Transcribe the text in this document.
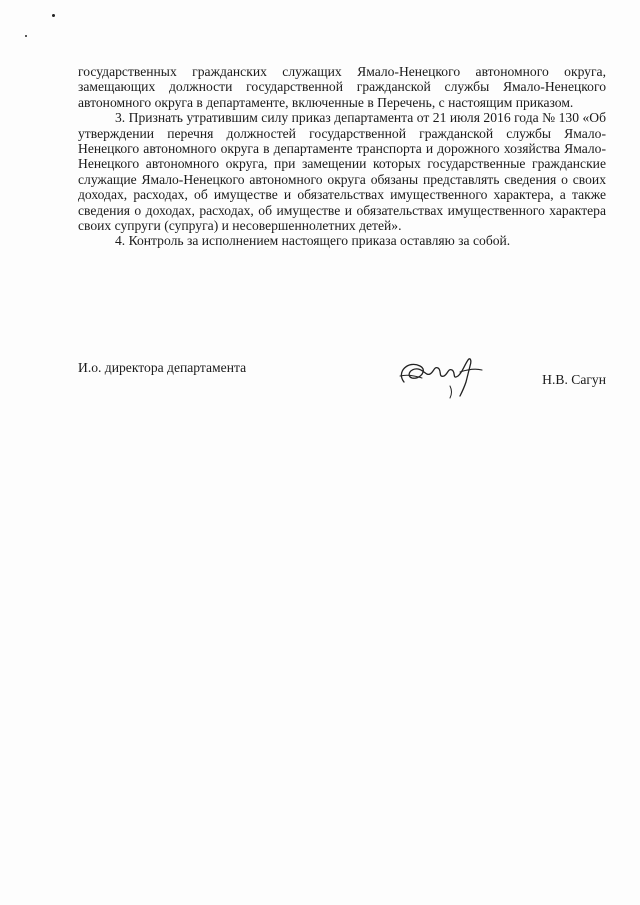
государственных гражданских служащих Ямало-Ненецкого автономного округа, замещающих должности государственной гражданской службы Ямало-Ненецкого автономного округа в департаменте, включенные в Перечень, с настоящим приказом.

3. Признать утратившим силу приказ департамента от 21 июля 2016 года № 130 «Об утверждении перечня должностей государственной гражданской службы Ямало-Ненецкого автономного округа в департаменте транспорта и дорожного хозяйства Ямало-Ненецкого автономного округа, при замещении которых государственные гражданские служащие Ямало-Ненецкого автономного округа обязаны представлять сведения о своих доходах, расходах, об имуществе и обязательствах имущественного характера, а также сведения о доходах, расходах, об имуществе и обязательствах имущественного характера своих супруги (супруга) и несовершеннолетних детей».

4. Контроль за исполнением настоящего приказа оставляю за собой.

И.о. директора департамента
Н.В. Сагун
